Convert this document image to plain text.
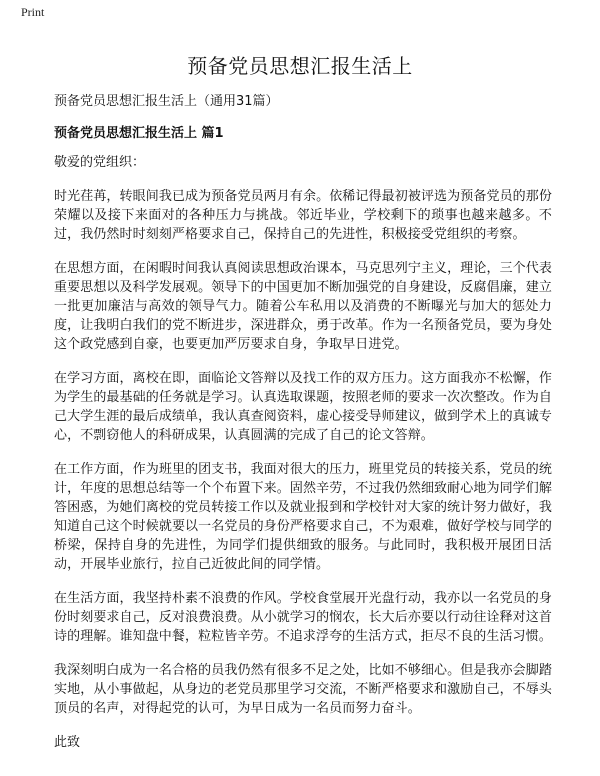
Print
预备党员思想汇报生活上

预备党员思想汇报生活上（通用31篇）

预备党员思想汇报生活上 篇1

敬爱的党组织：

时光荏苒，转眼间我已成为预备党员两月有余。依稀记得最初被评选为预备党员的那份荣耀以及接下来面对的各种压力与挑战。邻近毕业，学校剩下的琐事也越来越多。不过，我仍然时时刻刻严格要求自己，保持自己的先进性，积极接受党组织的考察。

在思想方面，在闲暇时间我认真阅读思想政治课本，马克思列宁主义，理论，三个代表重要思想以及科学发展观。领导下的中国更加不断加强党的自身建设，反腐倡廉，建立一批更加廉洁与高效的领导气力。随着公车私用以及消费的不断曝光与加大的惩处力度，让我明白我们的党不断进步，深进群众，勇于改革。作为一名预备党员，要为身处这个政党感到自豪，也要更加严厉要求自身，争取早日进党。

在学习方面，离校在即，面临论文答辩以及找工作的双方压力。这方面我亦不松懈，作为学生的最基础的任务就是学习。认真选取课题，按照老师的要求一次次整改。作为自己大学生涯的最后成绩单，我认真查阅资料，虚心接受导师建议，做到学术上的真诚专心，不剽窃他人的科研成果，认真圆满的完成了自己的论文答辩。

在工作方面，作为班里的团支书，我面对很大的压力，班里党员的转接关系，党员的统计，年度的思想总结等一个个布置下来。固然辛劳，不过我仍然细致耐心地为同学们解答困惑，为她们离校的党员转接工作以及就业报到和学校针对大家的统计努力做好，我知道自己这个时候就要以一名党员的身份严格要求自己，不为艰难，做好学校与同学的桥梁，保持自身的先进性，为同学们提供细致的服务。与此同时，我积极开展团日活动，开展毕业旅行，拉自己近彼此间的同学情。

在生活方面，我坚持朴素不浪费的作风。学校食堂展开光盘行动，我亦以一名党员的身份时刻要求自己，反对浪费浪费。从小就学习的悯农，长大后亦要以行动往诠释对这首诗的理解。谁知盘中餐，粒粒皆辛劳。不追求浮夸的生活方式，拒尽不良的生活习惯。

我深刻明白成为一名合格的员我仍然有很多不足之处，比如不够细心。但是我亦会脚踏实地，从小事做起，从身边的老党员那里学习交流，不断严格要求和激励自己，不辱头顶员的名声，对得起党的认可，为早日成为一名员而努力奋斗。

此致
